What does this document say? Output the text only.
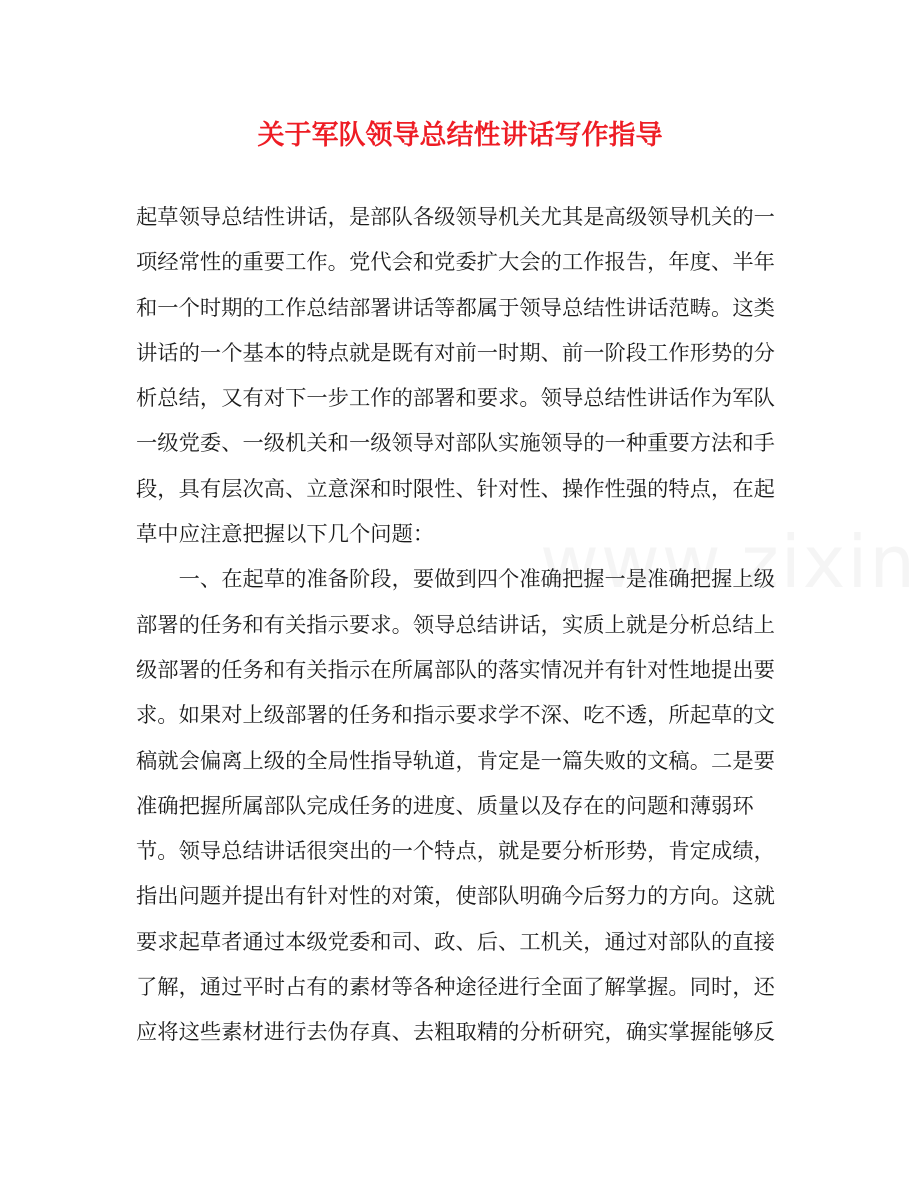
关于军队领导总结性讲话写作指导
起草领导总结性讲话，是部队各级领导机关尤其是高级领导机关的一
项经常性的重要工作。党代会和党委扩大会的工作报告，年度、半年
和一个时期的工作总结部署讲话等都属于领导总结性讲话范畴。这类
讲话的一个基本的特点就是既有对前一时期、前一阶段工作形势的分
析总结，又有对下一步工作的部署和要求。领导总结性讲话作为军队
一级党委、一级机关和一级领导对部队实施领导的一种重要方法和手
段，具有层次高、立意深和时限性、针对性、操作性强的特点，在起
草中应注意把握以下几个问题：
　　一、在起草的准备阶段，要做到四个准确把握一是准确把握上级
部署的任务和有关指示要求。领导总结讲话，实质上就是分析总结上
级部署的任务和有关指示在所属部队的落实情况并有针对性地提出要
求。如果对上级部署的任务和指示要求学不深、吃不透，所起草的文
稿就会偏离上级的全局性指导轨道，肯定是一篇失败的文稿。二是要
准确把握所属部队完成任务的进度、质量以及存在的问题和薄弱环
节。领导总结讲话很突出的一个特点，就是要分析形势，肯定成绩，
指出问题并提出有针对性的对策，使部队明确今后努力的方向。这就
要求起草者通过本级党委和司、政、后、工机关，通过对部队的直接
了解，通过平时占有的素材等各种途径进行全面了解掌握。同时，还
应将这些素材进行去伪存真、去粗取精的分析研究，确实掌握能够反
